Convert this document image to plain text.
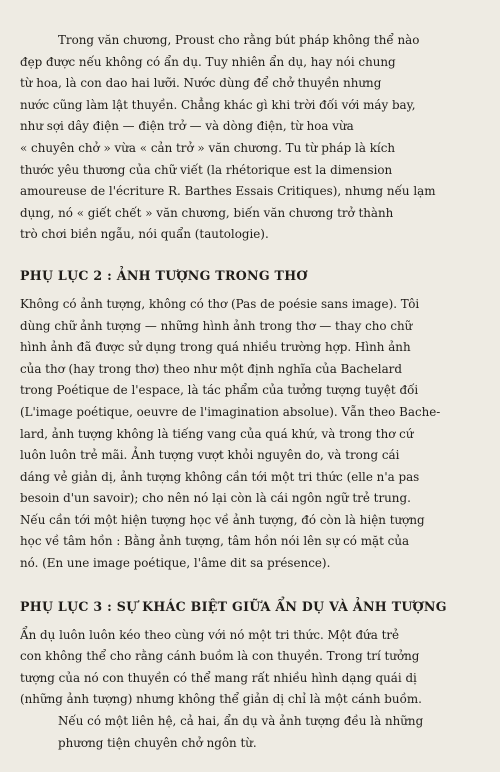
Trong văn chương, Proust cho rằng bút pháp không thể nào
đẹp được nếu không có ẩn dụ. Tuy nhiên ẩn dụ, hay nói chung
từ hoa, là con dao hai lưỡi. Nước dùng để chở thuyền nhưng
nước cũng làm lật thuyền. Chẳng khác gì khi trời đối với máy bay,
như sợi dây điện — điện trở — và dòng điện, từ hoa vừa
« chuyên chở » vừa « cản trở » văn chương. Tu từ pháp là kích
thước yêu thương của chữ viết (la rhétorique est la dimension
amoureuse de l'écriture R. Barthes Essais Critiques), nhưng nếu lạm
dụng, nó « giết chết » văn chương, biến văn chương trở thành
trò chơi biền ngẫu, nói quẩn (tautologie).

PHỤ LỤC 2 : ẢNH TƯỢNG TRONG THƠ

Không có ảnh tượng, không có thơ (Pas de poésie sans image). Tôi
dùng chữ ảnh tượng — những hình ảnh trong thơ — thay cho chữ
hình ảnh đã được sử dụng trong quá nhiều trường hợp. Hình ảnh
của thơ (hay trong thơ) theo như một định nghĩa của Bachelard
trong Poétique de l'espace, là tác phẩm của tưởng tượng tuyệt đối
(L'image poétique, oeuvre de l'imagination absolue). Vẫn theo Bache-
lard, ảnh tượng không là tiếng vang của quá khứ, và trong thơ cứ
luôn luôn trẻ mãi. Ảnh tượng vượt khỏi nguyên do, và trong cái
dáng vẻ giản dị, ảnh tượng không cần tới một tri thức (elle n'a pas
besoin d'un savoir); cho nên nó lại còn là cái ngôn ngữ trẻ trung.
Nếu cần tới một hiện tượng học về ảnh tượng, đó còn là hiện tượng
học về tâm hồn : Bằng ảnh tượng, tâm hồn nói lên sự có mặt của
nó. (En une image poétique, l'âme dit sa présence).

PHỤ LỤC 3 : SỰ KHÁC BIỆT GIỮA ẨN DỤ VÀ ẢNH TƯỢNG

Ẩn dụ luôn luôn kéo theo cùng với nó một tri thức. Một đứa trẻ
con không thể cho rằng cánh buồm là con thuyền. Trong trí tưởng
tượng của nó con thuyền có thể mang rất nhiều hình dạng quái dị
(những ảnh tượng) nhưng không thể giản dị chỉ là một cánh buồm.

Nếu có một liên hệ, cả hai, ẩn dụ và ảnh tượng đều là những
phương tiện chuyên chở ngôn từ.
